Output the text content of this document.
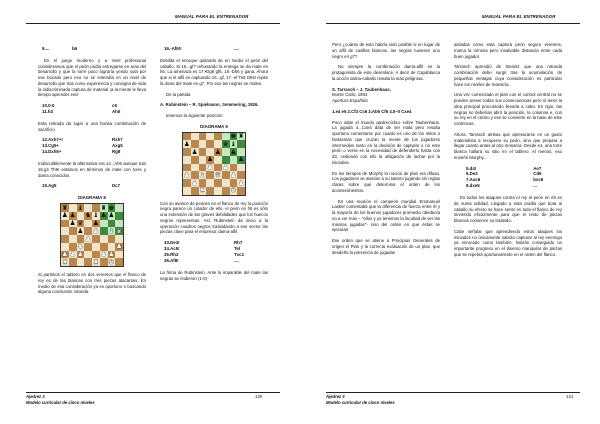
MANUAL PARA EL ENTRENADOR
9....	b6

En el juego moderno y a nivel profesional consideramos que el peón podía entregarse en aras del desarrollo y que la torre poco lograría yendo sola por ese bocado pero eso no se entendía en un nivel de desarrollo que tras como experiencia y consigna de vida la indiscriminada captura de material ¡a la mente le lleva tiempo aprender eso!

10.0-0	c5
11.h3	Ah5

Esta retirada da lugar a una bonita combinación de sacrificio

12.Axh7+!	Rxh7
13.Cg5+	Axg5
14.Dxh5+	Rg8

Indiscutiblemente la alternativa era 14...Ah6 aunque tras 15.g4 Th6! estamos en términos de mate con torre y dama conocidos.

15.Ag5	Dc7
DIAGRAMA 8
♜ ♝	♜ ♚
♟ ♟ ♞ ♝ ♟ ♟
♟ ♛ ♟
♟ ♟ ♝ ♛
♟
♞	♟
♟ ♟ ♟	♟ ♟
♜	♜ ♚

Si partimos el tablero en dos veremos que el flanco de rey es de las blancas con tres piezas atacantes. En medio de esa consideración ya es oportuno e buscando alguna conclusión rotunda.

16.-Af6!!	....

Debilita el enroque quitando de en medio el peón del caballo. Si 16...gf? rehusando la entrega se da mate en h6. La amenaza es 17.•Dg6 gf6, 18.-Dh6 y gana. Ahora que si el alfil es capturado 16...gf, 17.-ef Te8 Dh6! repite la dosis del mate en g7. Por eso las negras se rinden.

De la partida

A. Rubinstein – R. Spielmann, Semmering, 1926.

tenemos la siguiente posición:

DIAGRAMA 9
♚ ♜
♟	♛ ♝
♟	♟ ♟
♟	♟
♟ ♟
♟ ♝ ♛ ♟
♟	♟
♜	♚

Con su avance de peones en el flanco de rey la posición negra parece un colador de ello, el peón en h5 es sólo una extensión de las graves debilidades que los huecos negros representan. Así, Rubinstein da inicio a la operación cuadros negros trasladando a ese sector las piezas clave para el empresa: dama-alfil.

33.De3!	Rh7
34.Ac5!	Tel
35.Rh2	Txc1
36.Af8!	....

La firma de Rubinstein. Ante lo imparable del mate las negras se rindieron (1-0)

Ajedrez 3
Modelo curricular de cinco niveles
120
MANUAL PARA EL ENTRENADOR

Pero ¿cuánto de esto habría sido posible si en lugar de un alfil de casillas blancas, las negras tuviesen uno negro en g7?

No siempre la combinación dama-alfil es la protagonista de este desenlace. A decir de Capablanca la acción dama-caballo resulta la más peligrosa.

S. Tarrasch – J. Taubenhaus,
Monte Carlo, 1903
Apertura Española

1.e4 e5 2.Cf3 Cc6 3.Ab5 Cf6 4.0–0 Cxe4

Poco sabe el mundo ajedrecístico sobre Taubenhaus. La jugada 4...Cxe4 data de ser mala pero resulta oportuno comentarse por cuanto es uno de los mitos o fantasmas que cruzan la mente de los jugadores intermedios tanto en la decisión de capturar o no este peón o verse en la necesidad de defenderlo hasta con d3, cediendo con ello la obligación de luchar por la iniciativa.

En los tiempos de Morphy la noción de plan era difusa. Los jugadores se atenían a su talento jugando sin reglas claras sobre qué determina el orden de los acontecimientos.

En una reunión el campeón mundial Emmanuel Lasker comentaba que la diferencia de fuerza entre él y la mayoría de los buenos jugadores promedio obedecía no a ver más – "ellos y yo tenemos la facultad de ver las mismas jugadas"- sino del orden en que éstas se ejecutan.

Ese orden que se atiene a Principios Generales de origen el Plan y la correcta evaluación de un plan, que desdeña la presencia de jugadas

aisladas como esta captura peón seguro veremos, marca la mínima pero insalvable distancia entre cada buen jugador.

Tarrasch aprendió de Steinitz que una rotunda combinación debe surgir tras la acumulación de pequeñas ventajas cuya consideración es particular hace los niveles de maestría.

Una vez comenzado el plan con el control central no se pueden prever todas sus consecuencias pero sí tener la idea principal procurando llevarla a cabo. En rigor, las negras no deberían abrir la posición, la columna e, con su rey en el centro y ese se convierte en la base de este contrincas.

Ahora, Tarrasch ambas que apresurarse en un gusto materialista a recuperar su peón, sino que prepara a llegar cuanto antes al otro monarca. Desde e1, una torre blanca hallará su sitio en el tablero. Al menos, eso enseñó Morphy...

5.d4!	Ae7
6.De2	Cd6
7.Axc6	bxc6
8.dxe5	...

En todos los ataques contra el rey el peón en e5 es de suma utilidad. Llegado a esta casilla que bota al caballo su efecto se hace sentir en todo el flanco de rey sirviendo eficazmente para que el resto de piezas blancas comience su traslado.

Cabe señalar que aprendiendo estos ataques los iniciados no únicamente sabrán capturar al rey enemigo ya enrocado como también, habrán conseguido un importante progreso en el diverso manipular de piezas que se repetirá oportunamente en el orden del flanco.

Ajedrez 3
Modelo curricular de cinco niveles
121
